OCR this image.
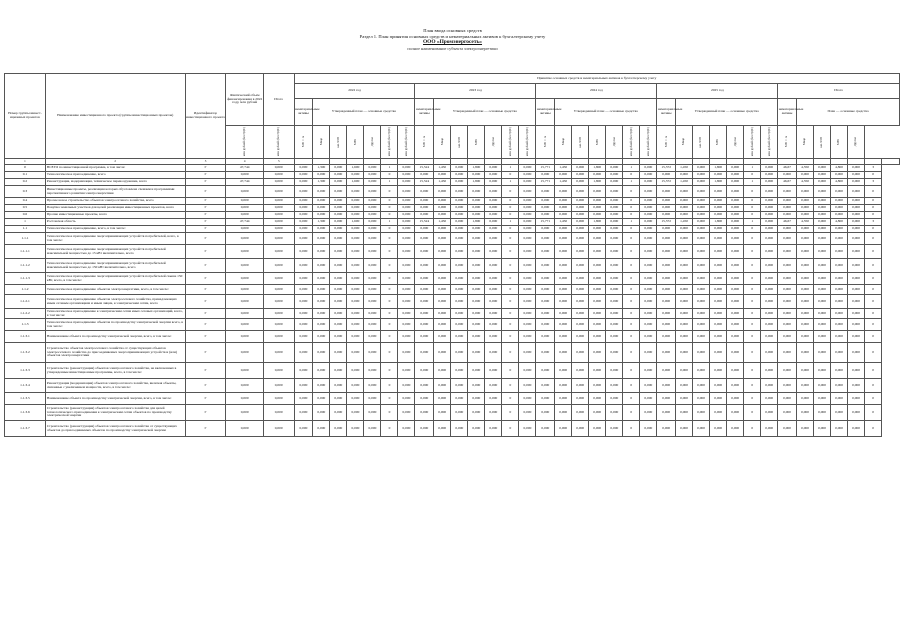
План ввода основных средств
Раздел 1. План принятия основных средств и нематериальных активов к бухгалтерскому учету
ООО «Промэнергосеть»
полное наименование субъекта электроэнергетики
Номер группы инвест-иционных проектов	Наименование инвестиционного проекта (группы инвестиционных проектов)	Идентификатор инвестиционного проекта	Фактический объем финансирования в 2022 году, млн рублей	Итого	Принятие основных средств и нематериальных активов к бухгалтерскому учету																																		
					2022 год							2023 год							2024 год							2025 год							Итого						
					нематериальные активы	Утвержденный план — основные средства						нематериальные активы	Утвержденный план — основные средства						нематериальные активы	Утвержденный план — основные средства						нематериальные активы	Утвержденный план — основные средства						нематериальные активы	План — основные средства					

			млн рублей (без НДС)	млн рублей (без НДС)	МВ×А	Мвар	км ЛЭП	МВт	Другое	млн рублей (без НДС)	млн рублей (без НДС)	МВ×А	Мвар	км ЛЭП	МВт	Другое	млн рублей (без НДС)	млн рублей (без НДС)	МВ×А	Мвар	км ЛЭП	МВт	Другое	млн рублей (без НДС)	млн рублей (без НДС)	МВ×А	Мвар	км ЛЭП	МВт	Другое	млн рублей (без НДС)	млн рублей (без НДС)	МВ×А	Мвар	км ЛЭП	МВт	Другое		

1	2	3	4	5																																			
0	ВСЕГО по инвестиционной программе, в том числе:	Г	47,744	0,000	0,000	1,300	0,000	1,600	0,000	1	0,000	15,524	1,450	0,000	1,800	0,000	1	0,000	15,771	1,450	0,000	1,800	0,000	1	0,000	15,372	1,450	0,000	1,800	0,000	1	0,000	46,67	4,350	0,000	4,800	0,000	3	
0.1	Технологическое присоединение, всего	Г	0,000	0,000	0,000	0,000	0,000	0,000	0,000	0	0,000	0,000	0,000	0,000	0,000	0,000	0	0,000	0,000	0,000	0,000	0,000	0,000	0	0,000	0,000	0,000	0,000	0,000	0,000	0	0,000	0,000	0,000	0,000	0,000	0,000	0	
0.2	Реконструкция, модернизация, техническое перевооружение, всего	Г	47,744	0,000	0,000	1,300	0,000	1,600	0,000	1	0,000	15,524	1,450	0,000	1,800	0,000	1	0,000	15,771	1,450	0,000	1,800	0,000	1	0,000	15,372	1,450	0,000	1,800	0,000	1	0,000	46,67	4,350	0,000	4,800	0,000	3	
0.3	Инвестиционные проекты, реализация которых обусловлена схемами и программами перспективного развития электроэнергетики	Г	0,000	0,000	0,000	0,000	0,000	0,000	0,000	0	0,000	0,000	0,000	0,000	0,000	0,000	0	0,000	0,000	0,000	0,000	0,000	0,000	0	0,000	0,000	0,000	0,000	0,000	0,000	0	0,000	0,000	0,000	0,000	0,000	0,000	0	
0.4	Прочее новое строительство объектов электросетевого хозяйства, всего	Г	0,000	0,000	0,000	0,000	0,000	0,000	0,000	0	0,000	0,000	0,000	0,000	0,000	0,000	0	0,000	0,000	0,000	0,000	0,000	0,000	0	0,000	0,000	0,000	0,000	0,000	0,000	0	0,000	0,000	0,000	0,000	0,000	0,000	0	
0.5	Покупка земельных участков для целей реализации инвестиционных проектов, всего	Г	0,000	0,000	0,000	0,000	0,000	0,000	0,000	0	0,000	0,000	0,000	0,000	0,000	0,000	0	0,000	0,000	0,000	0,000	0,000	0,000	0	0,000	0,000	0,000	0,000	0,000	0,000	0	0,000	0,000	0,000	0,000	0,000	0,000	0	
0.6	Прочие инвестиционные проекты, всего	Г	0,000	0,000	0,000	0,000	0,000	0,000	0,000	0	0,000	0,000	0,000	0,000	0,000	0,000	0	0,000	0,000	0,000	0,000	0,000	0,000	0	0,000	0,000	0,000	0,000	0,000	0,000	0	0,000	0,000	0,000	0,000	0,000	0,000	0	
1	Ростовская область	Г	47,744	0,000	0,000	1,300	0,000	1,600	0,000	1	0,000	15,524	1,450	0,000	1,800	0,000	1	0,000	15,771	1,450	0,000	1,800	0,000	1	0,000	15,372	1,450	0,000	1,800	0,000	1	0,000	46,67	4,350	0,000	4,800	0,000	3	
1.1	Технологическое присоединение, всего, в том числе:	Г	0,000	0,000	0,000	0,000	0,000	0,000	0,000	0	0,000	0,000	0,000	0,000	0,000	0,000	0	0,000	0,000	0,000	0,000	0,000	0,000	0	0,000	0,000	0,000	0,000	0,000	0,000	0	0,000	0,000	0,000	0,000	0,000	0,000	0	
1.1.1	Технологическое присоединение энергопринимающих устройств потребителей, всего, в том числе:	Г	0,000	0,000	0,000	0,000	0,000	0,000	0,000	0	0,000	0,000	0,000	0,000	0,000	0,000	0	0,000	0,000	0,000	0,000	0,000	0,000	0	0,000	0,000	0,000	0,000	0,000	0,000	0	0,000	0,000	0,000	0,000	0,000	0,000	0	
1.1.1.1	Технологическое присоединение энергопринимающих устройств потребителей максимальной мощностью до 15 кВт включительно, всего	Г	0,000	0,000	0,000	0,000	0,000	0,000	0,000	0	0,000	0,000	0,000	0,000	0,000	0,000	0	0,000	0,000	0,000	0,000	0,000	0,000	0	0,000	0,000	0,000	0,000	0,000	0,000	0	0,000	0,000	0,000	0,000	0,000	0,000	0	
1.1.1.2	Технологическое присоединение энергопринимающих устройств потребителей максимальной мощностью до 150 кВт включительно, всего	Г	0,000	0,000	0,000	0,000	0,000	0,000	0,000	0	0,000	0,000	0,000	0,000	0,000	0,000	0	0,000	0,000	0,000	0,000	0,000	0,000	0	0,000	0,000	0,000	0,000	0,000	0,000	0	0,000	0,000	0,000	0,000	0,000	0,000	0	
1.1.1.3	Технологическое присоединение энергопринимающих устройств потребителей свыше 150 кВт, всего, в том числе:	Г	0,000	0,000	0,000	0,000	0,000	0,000	0,000	0	0,000	0,000	0,000	0,000	0,000	0,000	0	0,000	0,000	0,000	0,000	0,000	0,000	0	0,000	0,000	0,000	0,000	0,000	0,000	0	0,000	0,000	0,000	0,000	0,000	0,000	0	
1.1.2	Технологическое присоединение объектов электроэнергетики, всего, в том числе:	Г	0,000	0,000	0,000	0,000	0,000	0,000	0,000	0	0,000	0,000	0,000	0,000	0,000	0,000	0	0,000	0,000	0,000	0,000	0,000	0,000	0	0,000	0,000	0,000	0,000	0,000	0,000	0	0,000	0,000	0,000	0,000	0,000	0,000	0	
1.1.2.1	Технологическое присоединение объектов электросетевого хозяйства, принадлежащих иным сетевым организациям и иным лицам, к электрическим сетям, всего	Г	0,000	0,000	0,000	0,000	0,000	0,000	0,000	0	0,000	0,000	0,000	0,000	0,000	0,000	0	0,000	0,000	0,000	0,000	0,000	0,000	0	0,000	0,000	0,000	0,000	0,000	0,000	0	0,000	0,000	0,000	0,000	0,000	0,000	0	
1.1.2.2	Технологическое присоединение к электрическим сетям иных сетевых организаций, всего, в том числе:	Г	0,000	0,000	0,000	0,000	0,000	0,000	0,000	0	0,000	0,000	0,000	0,000	0,000	0,000	0	0,000	0,000	0,000	0,000	0,000	0,000	0	0,000	0,000	0,000	0,000	0,000	0,000	0	0,000	0,000	0,000	0,000	0,000	0,000	0	
1.1.3	Технологическое присоединение объектов по производству электрической энергии всего, в том числе:	Г	0,000	0,000	0,000	0,000	0,000	0,000	0,000	0	0,000	0,000	0,000	0,000	0,000	0,000	0	0,000	0,000	0,000	0,000	0,000	0,000	0	0,000	0,000	0,000	0,000	0,000	0,000	0	0,000	0,000	0,000	0,000	0,000	0,000	0	
1.1.3.1	Наименование объекта по производству электрической энергии, всего, в том числе:	Г	0,000	0,000	0,000	0,000	0,000	0,000	0,000	0	0,000	0,000	0,000	0,000	0,000	0,000	0	0,000	0,000	0,000	0,000	0,000	0,000	0	0,000	0,000	0,000	0,000	0,000	0,000	0	0,000	0,000	0,000	0,000	0,000	0,000	0	
1.1.3.2	Строительство объектов электросетевого хозяйства от существующих объектов электросетевого хозяйства до присоединяемых энергопринимающих устройств и (или) объектов электроэнергетики	Г	0,000	0,000	0,000	0,000	0,000	0,000	0,000	0	0,000	0,000	0,000	0,000	0,000	0,000	0	0,000	0,000	0,000	0,000	0,000	0,000	0	0,000	0,000	0,000	0,000	0,000	0,000	0	0,000	0,000	0,000	0,000	0,000	0,000	0	
1.1.3.3	Строительство (реконструкция) объектов электросетевого хозяйства, не включенных в утвержденные инвестиционные программы, всего, в том числе:	Г	0,000	0,000	0,000	0,000	0,000	0,000	0,000	0	0,000	0,000	0,000	0,000	0,000	0,000	0	0,000	0,000	0,000	0,000	0,000	0,000	0	0,000	0,000	0,000	0,000	0,000	0,000	0	0,000	0,000	0,000	0,000	0,000	0,000	0	
1.1.3.4	Реконструкция (модернизация) объектов электросетевого хозяйства, включая объекты, связанные с увеличением мощности, всего, в том числе:	Г	0,000	0,000	0,000	0,000	0,000	0,000	0,000	0	0,000	0,000	0,000	0,000	0,000	0,000	0	0,000	0,000	0,000	0,000	0,000	0,000	0	0,000	0,000	0,000	0,000	0,000	0,000	0	0,000	0,000	0,000	0,000	0,000	0,000	0	
1.1.3.5	Наименование объекта по производству электрической энергии, всего, в том числе:	Г	0,000	0,000	0,000	0,000	0,000	0,000	0,000	0	0,000	0,000	0,000	0,000	0,000	0,000	0	0,000	0,000	0,000	0,000	0,000	0,000	0	0,000	0,000	0,000	0,000	0,000	0,000	0	0,000	0,000	0,000	0,000	0,000	0,000	0	
1.1.3.6	Строительство (реконструкция) объектов электросетевого хозяйства для целей технологического присоединения к электрическим сетям объектов по производству электрической энергии	Г	0,000	0,000	0,000	0,000	0,000	0,000	0,000	0	0,000	0,000	0,000	0,000	0,000	0,000	0	0,000	0,000	0,000	0,000	0,000	0,000	0	0,000	0,000	0,000	0,000	0,000	0,000	0	0,000	0,000	0,000	0,000	0,000	0,000	0	
1.1.3.7	Строительство (реконструкция) объектов электросетевого хозяйства от существующих объектов до присоединяемых объектов по производству электрической энергии	Г	0,000	0,000	0,000	0,000	0,000	0,000	0,000	0	0,000	0,000	0,000	0,000	0,000	0,000	0	0,000	0,000	0,000	0,000	0,000	0,000	0	0,000	0,000	0,000	0,000	0,000	0,000	0	0,000	0,000	0,000	0,000	0,000	0,000	0	
